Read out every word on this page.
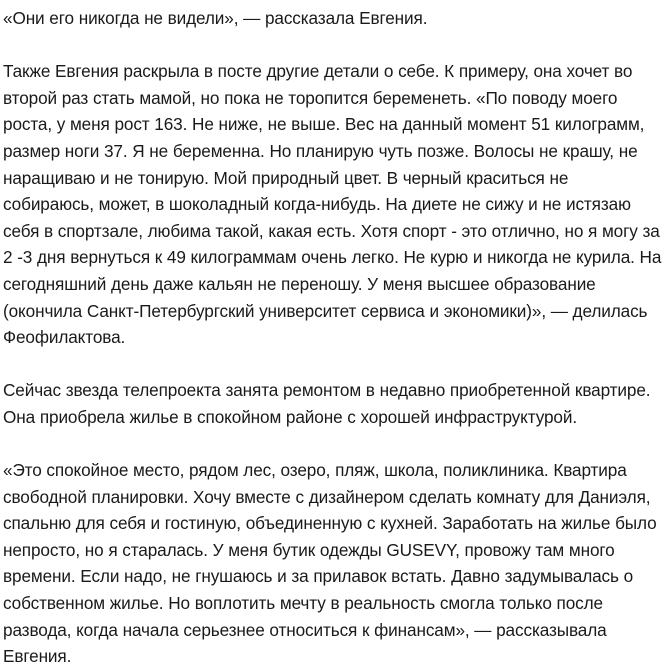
«Они его никогда не видели», — рассказала Евгения.

Также Евгения раскрыла в посте другие детали о себе. К примеру, она хочет во второй раз стать мамой, но пока не торопится беременеть. «По поводу моего роста, у меня рост 163. Не ниже, не выше. Вес на данный момент 51 килограмм, размер ноги 37. Я не беременна. Но планирую чуть позже. Волосы не крашу, не наращиваю и не тонирую. Мой природный цвет. В черный краситься не собираюсь, может, в шоколадный когда-нибудь. На диете не сижу и не истязаю себя в спортзале, любима такой, какая есть. Хотя спорт - это отлично, но я могу за 2 -3 дня вернуться к 49 килограммам очень легко. Не курю и никогда не курила. На сегодняшний день даже кальян не переношу. У меня высшее образование (окончила Санкт-Петербургский университет сервиса и экономики)», — делилась Феофилактова.

Сейчас звезда телепроекта занята ремонтом в недавно приобретенной квартире. Она приобрела жилье в спокойном районе с хорошей инфраструктурой.

«Это спокойное место, рядом лес, озеро, пляж, школа, поликлиника. Квартира свободной планировки. Хочу вместе с дизайнером сделать комнату для Даниэля, спальню для себя и гостиную, объединенную с кухней. Заработать на жилье было непросто, но я старалась. У меня бутик одежды GUSEVY, провожу там много времени. Если надо, не гнушаюсь и за прилавок встать. Давно задумывалась о собственном жилье. Но воплотить мечту в реальность смогла только после развода, когда начала серьезнее относиться к финансам», — рассказывала Евгения.
